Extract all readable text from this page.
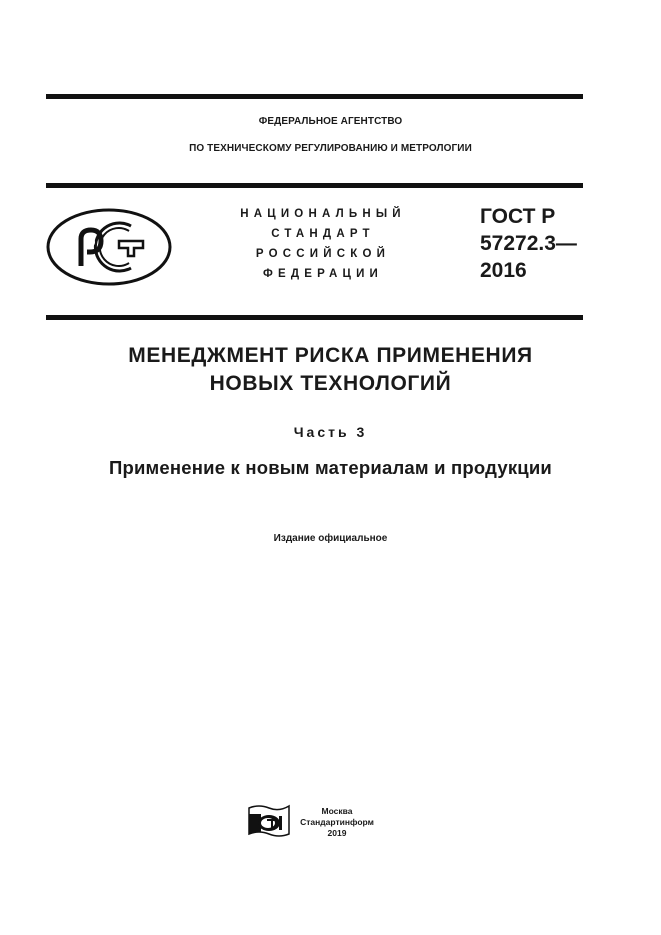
ФЕДЕРАЛЬНОЕ АГЕНТСТВО
ПО ТЕХНИЧЕСКОМУ РЕГУЛИРОВАНИЮ И МЕТРОЛОГИИ
НАЦИОНАЛЬНЫЙ
СТАНДАРТ
РОССИЙСКОЙ
ФЕДЕРАЦИИ
ГОСТ Р
57272.3—
2016
МЕНЕДЖМЕНТ РИСКА ПРИМЕНЕНИЯ
НОВЫХ ТЕХНОЛОГИЙ
Часть 3
Применение к новым материалам и продукции
Издание официальное
Москва
Стандартинформ
2019
